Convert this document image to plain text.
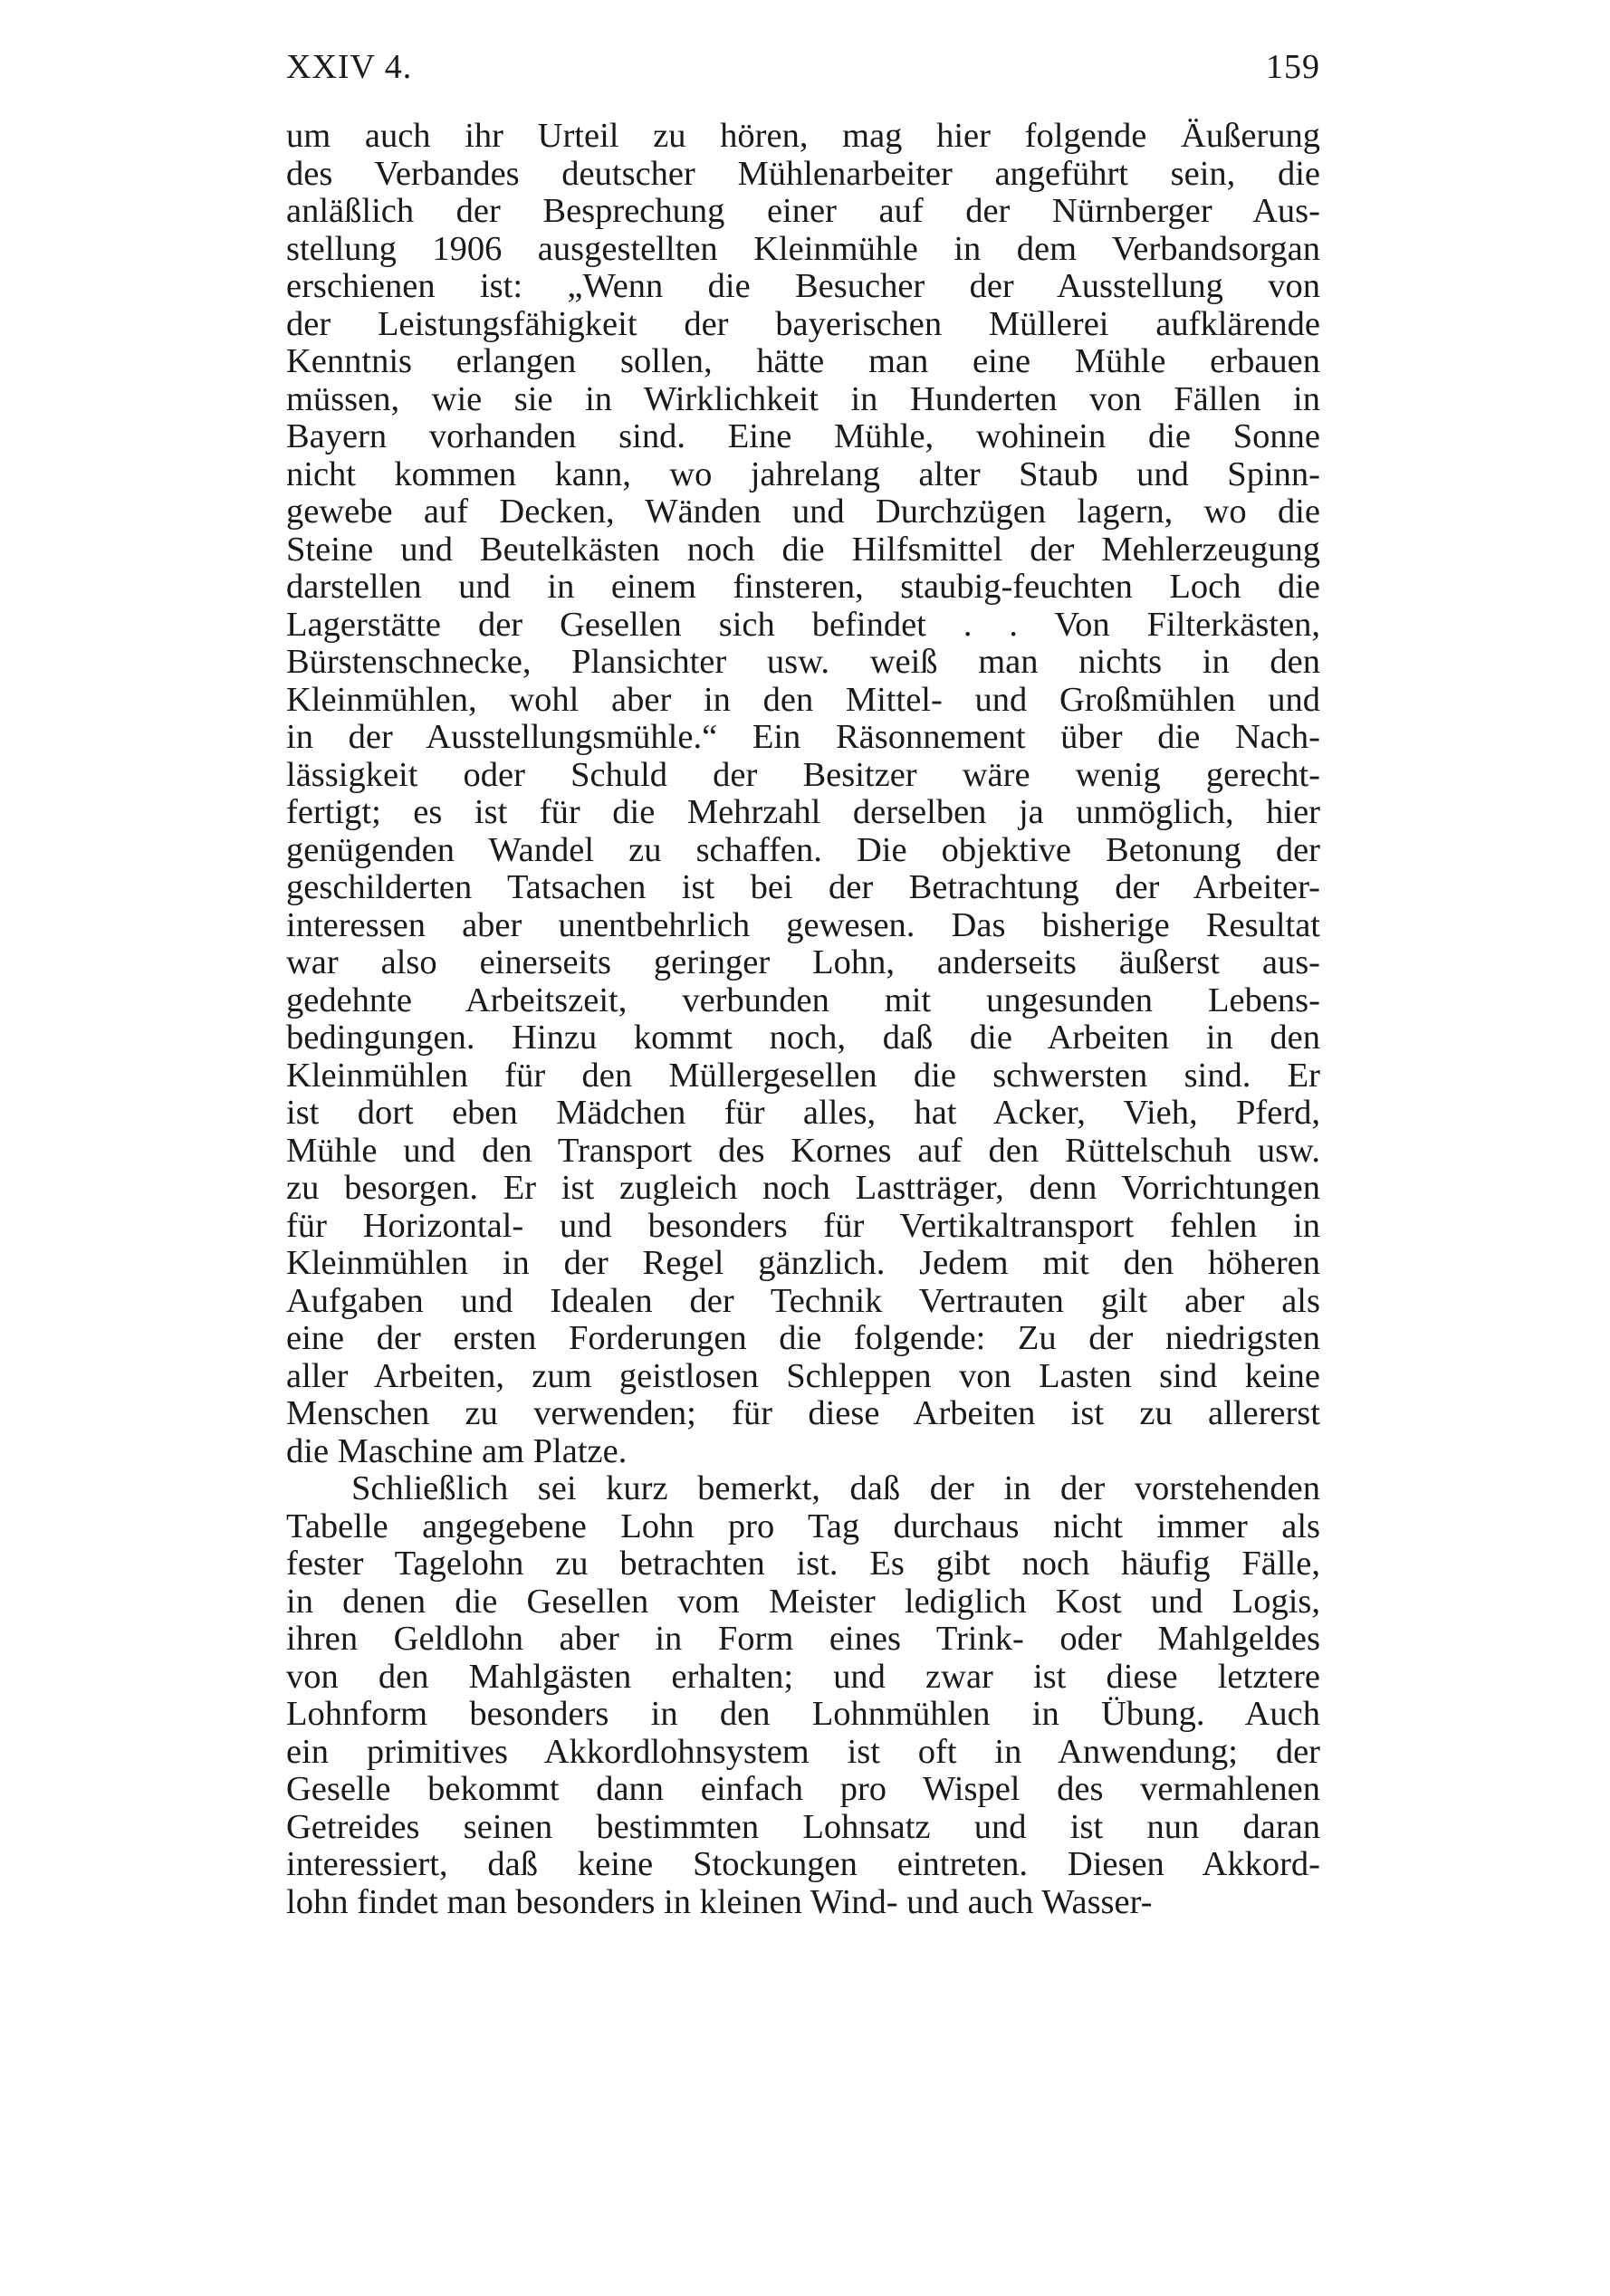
XXIV 4.	159
um auch ihr Urteil zu hören, mag hier folgende Äußerung
des Verbandes deutscher Mühlenarbeiter angeführt sein, die
anläßlich der Besprechung einer auf der Nürnberger Aus-
stellung 1906 ausgestellten Kleinmühle in dem Verbandsorgan
erschienen ist: „Wenn die Besucher der Ausstellung von
der Leistungsfähigkeit der bayerischen Müllerei aufklärende
Kenntnis erlangen sollen, hätte man eine Mühle erbauen
müssen, wie sie in Wirklichkeit in Hunderten von Fällen in
Bayern vorhanden sind. Eine Mühle, wohinein die Sonne
nicht kommen kann, wo jahrelang alter Staub und Spinn-
gewebe auf Decken, Wänden und Durchzügen lagern, wo die
Steine und Beutelkästen noch die Hilfsmittel der Mehlerzeugung
darstellen und in einem finsteren, staubig-feuchten Loch die
Lagerstätte der Gesellen sich befindet . . Von Filterkästen,
Bürstenschnecke, Plansichter usw. weiß man nichts in den
Kleinmühlen, wohl aber in den Mittel- und Großmühlen und
in der Ausstellungsmühle.“ Ein Räsonnement über die Nach-
lässigkeit oder Schuld der Besitzer wäre wenig gerecht-
fertigt; es ist für die Mehrzahl derselben ja unmöglich, hier
genügenden Wandel zu schaffen. Die objektive Betonung der
geschilderten Tatsachen ist bei der Betrachtung der Arbeiter-
interessen aber unentbehrlich gewesen. Das bisherige Resultat
war also einerseits geringer Lohn, anderseits äußerst aus-
gedehnte Arbeitszeit, verbunden mit ungesunden Lebens-
bedingungen. Hinzu kommt noch, daß die Arbeiten in den
Kleinmühlen für den Müllergesellen die schwersten sind. Er
ist dort eben Mädchen für alles, hat Acker, Vieh, Pferd,
Mühle und den Transport des Kornes auf den Rüttelschuh usw.
zu besorgen. Er ist zugleich noch Lastträger, denn Vorrichtungen
für Horizontal- und besonders für Vertikaltransport fehlen in
Kleinmühlen in der Regel gänzlich. Jedem mit den höheren
Aufgaben und Idealen der Technik Vertrauten gilt aber als
eine der ersten Forderungen die folgende: Zu der niedrigsten
aller Arbeiten, zum geistlosen Schleppen von Lasten sind keine
Menschen zu verwenden; für diese Arbeiten ist zu allererst
die Maschine am Platze.
Schließlich sei kurz bemerkt, daß der in der vorstehenden
Tabelle angegebene Lohn pro Tag durchaus nicht immer als
fester Tagelohn zu betrachten ist. Es gibt noch häufig Fälle,
in denen die Gesellen vom Meister lediglich Kost und Logis,
ihren Geldlohn aber in Form eines Trink- oder Mahlgeldes
von den Mahlgästen erhalten; und zwar ist diese letztere
Lohnform besonders in den Lohnmühlen in Übung. Auch
ein primitives Akkordlohnsystem ist oft in Anwendung; der
Geselle bekommt dann einfach pro Wispel des vermahlenen
Getreides seinen bestimmten Lohnsatz und ist nun daran
interessiert, daß keine Stockungen eintreten. Diesen Akkord-
lohn findet man besonders in kleinen Wind- und auch Wasser-
